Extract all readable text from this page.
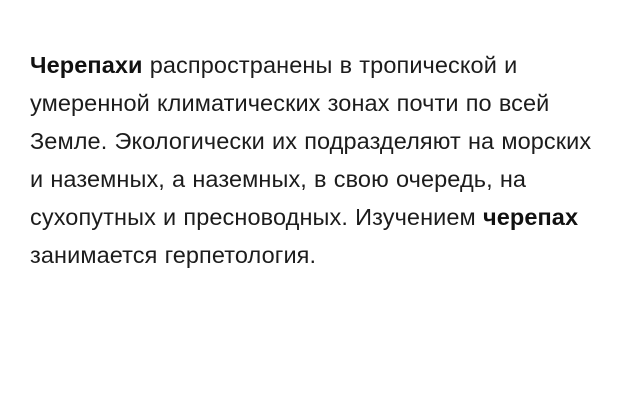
Черепахи распространены в тропической и умеренной климатических зонах почти по всей Земле. Экологически их подразделяют на морских и наземных, а наземных, в свою очередь, на сухопутных и пресноводных. Изучением черепах занимается герпетология.
